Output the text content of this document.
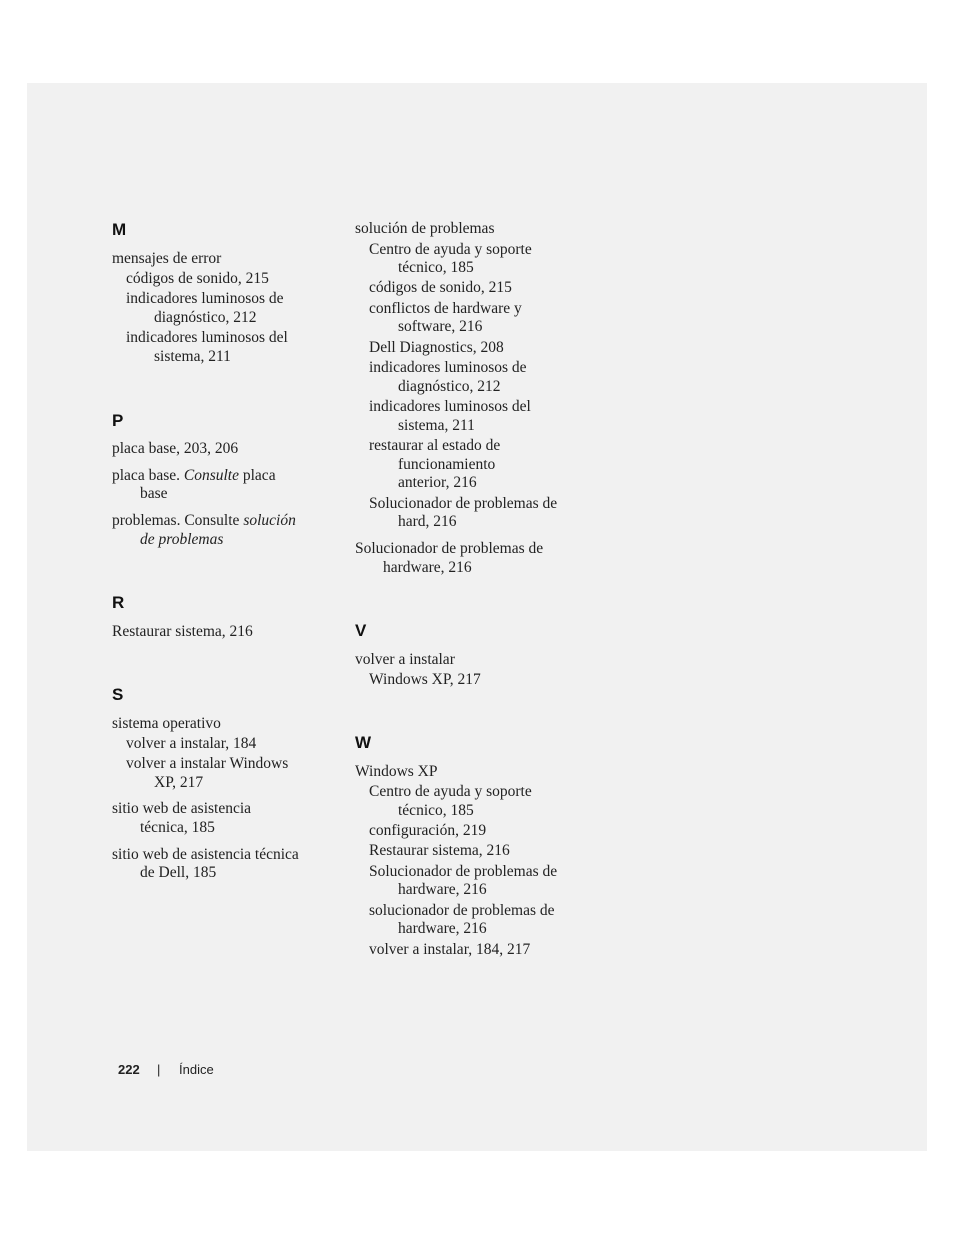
M
mensajes de error
códigos de sonido, 215
indicadores luminosos de
diagnóstico, 212
indicadores luminosos del
sistema, 211
P
placa base, 203, 206
placa base. Consulte placa
base
problemas. Consulte solución
de problemas
R
Restaurar sistema, 216
S
sistema operativo
volver a instalar, 184
volver a instalar Windows
XP, 217
sitio web de asistencia
técnica, 185
sitio web de asistencia técnica
de Dell, 185
solución de problemas
Centro de ayuda y soporte
técnico, 185
códigos de sonido, 215
conflictos de hardware y
software, 216
Dell Diagnostics, 208
indicadores luminosos de
diagnóstico, 212
indicadores luminosos del
sistema, 211
restaurar al estado de
funcionamiento
anterior, 216
Solucionador de problemas de
hard, 216
Solucionador de problemas de
hardware, 216
V
volver a instalar
Windows XP, 217
W
Windows XP
Centro de ayuda y soporte
técnico, 185
configuración, 219
Restaurar sistema, 216
Solucionador de problemas de
hardware, 216
solucionador de problemas de
hardware, 216
volver a instalar, 184, 217
222 | Índice
